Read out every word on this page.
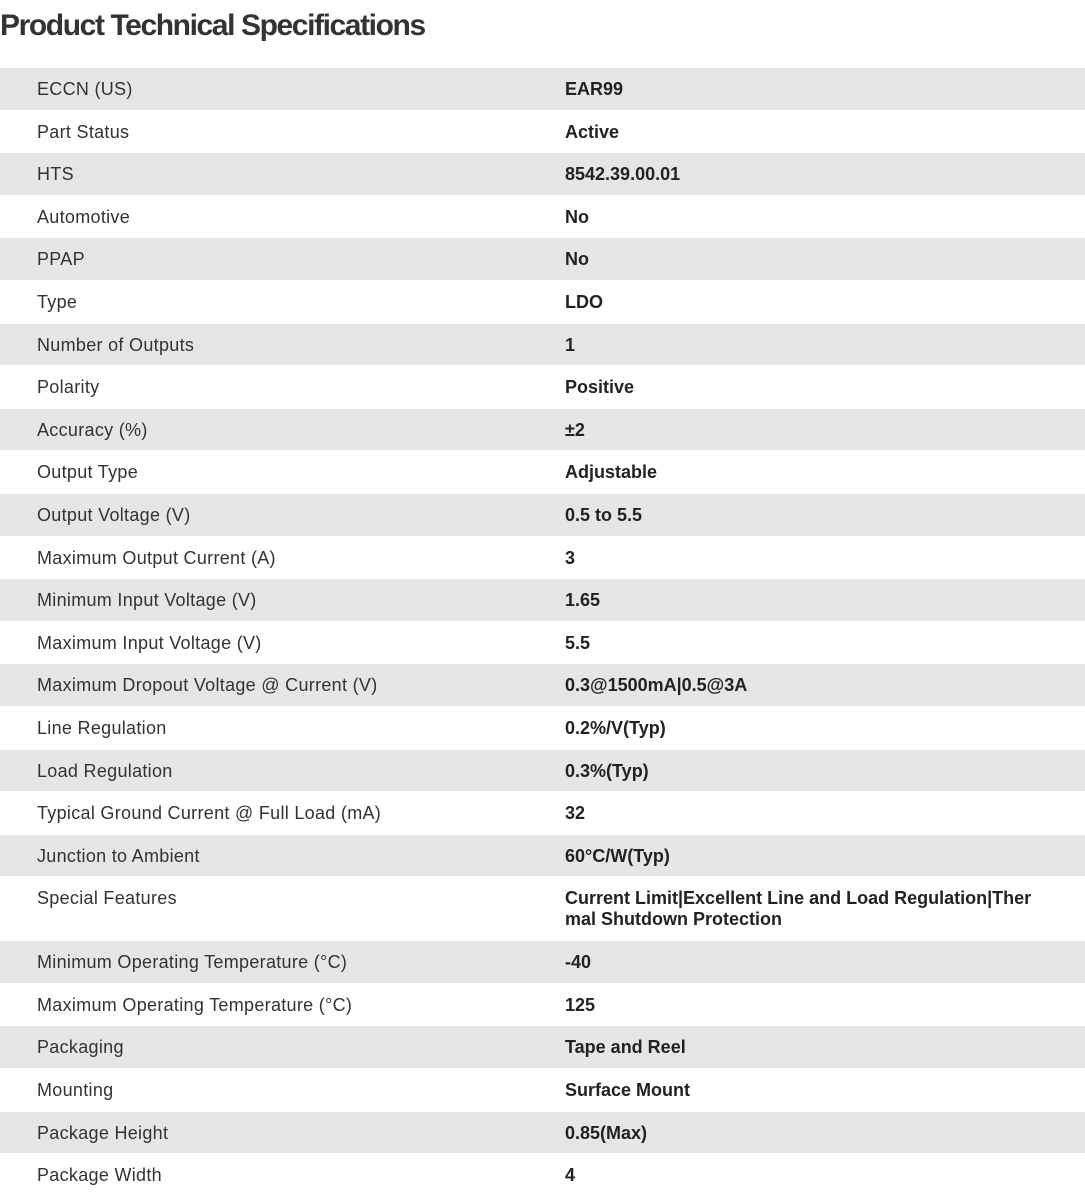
Product Technical Specifications
ECCN (US)	EAR99
Part Status	Active
HTS	8542.39.00.01
Automotive	No
PPAP	No
Type	LDO
Number of Outputs	1
Polarity	Positive
Accuracy (%)	±2
Output Type	Adjustable
Output Voltage (V)	0.5 to 5.5
Maximum Output Current (A)	3
Minimum Input Voltage (V)	1.65
Maximum Input Voltage (V)	5.5
Maximum Dropout Voltage @ Current (V)	0.3@1500mA|0.5@3A
Line Regulation	0.2%/V(Typ)
Load Regulation	0.3%(Typ)
Typical Ground Current @ Full Load (mA)	32
Junction to Ambient	60°C/W(Typ)
Special Features	Current Limit|Excellent Line and Load Regulation|Thermal Shutdown Protection
Minimum Operating Temperature (°C)	-40
Maximum Operating Temperature (°C)	125
Packaging	Tape and Reel
Mounting	Surface Mount
Package Height	0.85(Max)
Package Width	4
